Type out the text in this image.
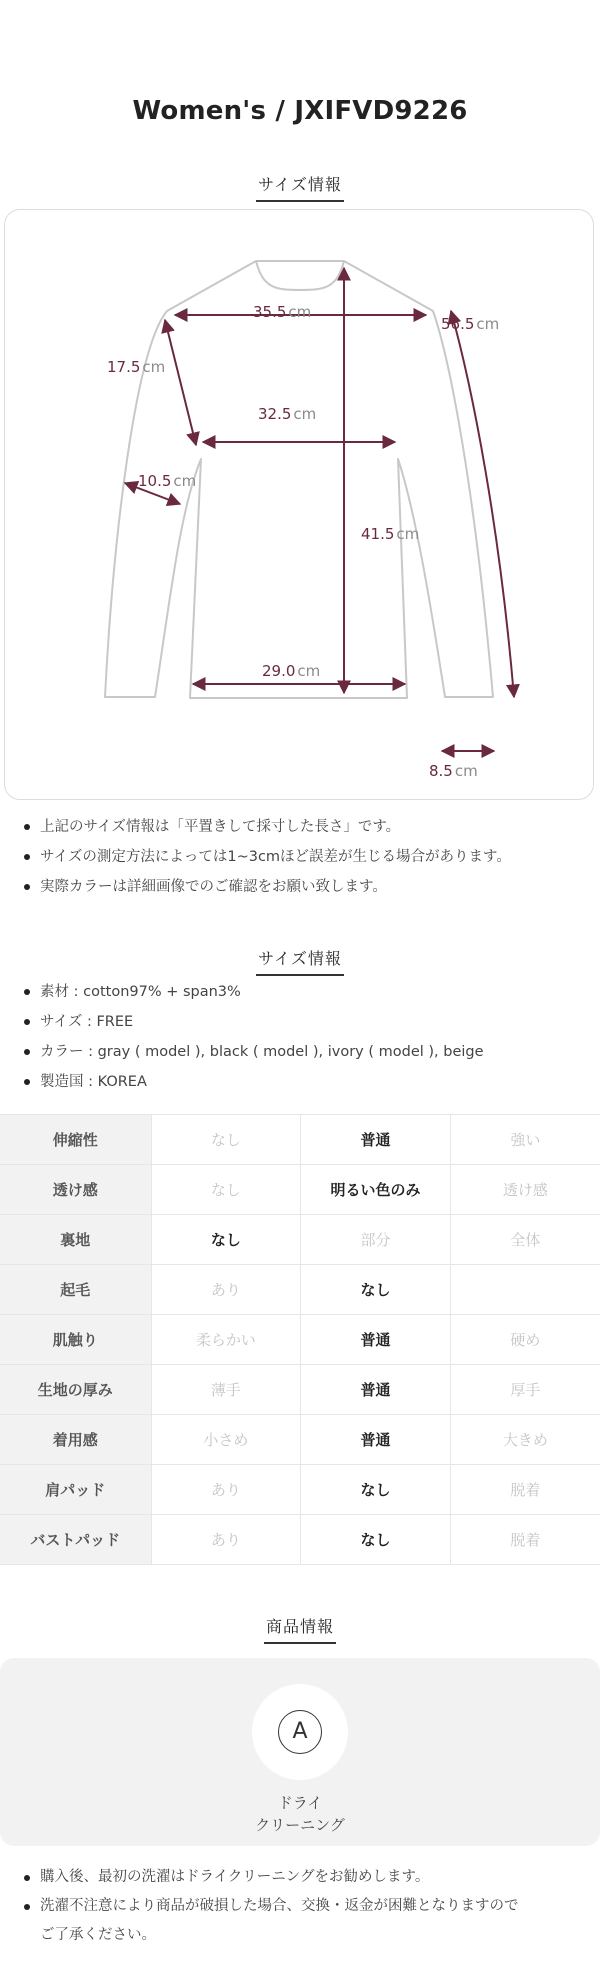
Women's / JXIFVD9226
サイズ情報
35.5 cm
56.5 cm
17.5 cm
32.5 cm
10.5 cm
41.5 cm
29.0 cm
8.5 cm
上記のサイズ情報は「平置きして採寸した長さ」です。
サイズの測定方法によっては1~3cmほど誤差が生じる場合があります。
実際カラーは詳細画像でのご確認をお願い致します。
サイズ情報
素材 : cotton97% + span3%
サイズ : FREE
カラー : gray ( model ), black ( model ), ivory ( model ), beige
製造国 : KOREA
伸縮性	なし	普通	強い
透け感	なし	明るい色のみ	透け感
裏地	なし	部分	全体
起毛	あり	なし	
肌触り	柔らかい	普通	硬め
生地の厚み	薄手	普通	厚手
着用感	小さめ	普通	大きめ
肩パッド	あり	なし	脱着
バストパッド	あり	なし	脱着
商品情報
A
ドライ
クリーニング
購入後、最初の洗濯はドライクリーニングをお勧めします。
洗濯不注意により商品が破損した場合、交換・返金が困難となりますので
ご了承ください。
